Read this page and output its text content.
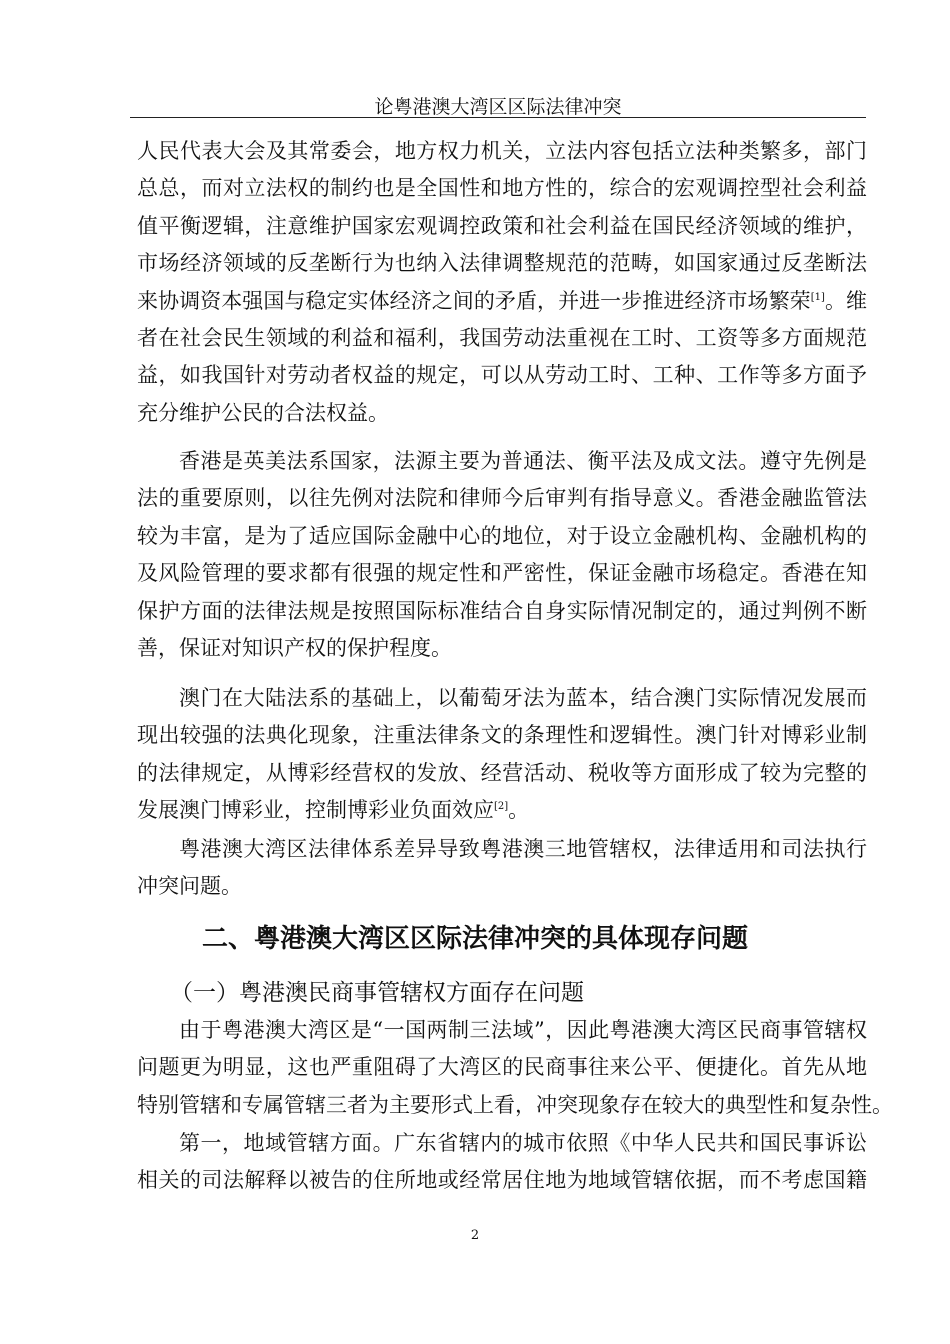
论粤港澳大湾区区际法律冲突
人民代表大会及其常委会，地方权力机关，立法内容包括立法种类繁多，部门
总总，而对立法权的制约也是全国性和地方性的，综合的宏观调控型社会利益
值平衡逻辑，注意维护国家宏观调控政策和社会利益在国民经济领域的维护，
市场经济领域的反垄断行为也纳入法律调整规范的范畴，如国家通过反垄断法
来协调资本强国与稳定实体经济之间的矛盾，并进一步推进经济市场繁荣[1]。维
者在社会民生领域的利益和福利，我国劳动法重视在工时、工资等多方面规范
益，如我国针对劳动者权益的规定，可以从劳动工时、工种、工作等多方面予
充分维护公民的合法权益。
香港是英美法系国家，法源主要为普通法、衡平法及成文法。遵守先例是
法的重要原则，以往先例对法院和律师今后审判有指导意义。香港金融监管法
较为丰富，是为了适应国际金融中心的地位，对于设立金融机构、金融机构的
及风险管理的要求都有很强的规定性和严密性，保证金融市场稳定。香港在知
保护方面的法律法规是按照国际标准结合自身实际情况制定的，通过判例不断
善，保证对知识产权的保护程度。
澳门在大陆法系的基础上，以葡萄牙法为蓝本，结合澳门实际情况发展而
现出较强的法典化现象，注重法律条文的条理性和逻辑性。澳门针对博彩业制
的法律规定，从博彩经营权的发放、经营活动、税收等方面形成了较为完整的
发展澳门博彩业，控制博彩业负面效应[2]。
粤港澳大湾区法律体系差异导致粤港澳三地管辖权，法律适用和司法执行
冲突问题。
二、粤港澳大湾区区际法律冲突的具体现存问题
（一）粤港澳民商事管辖权方面存在问题
由于粤港澳大湾区是“一国两制三法域”，因此粤港澳大湾区民商事管辖权
问题更为明显，这也严重阻碍了大湾区的民商事往来公平、便捷化。首先从地
特别管辖和专属管辖三者为主要形式上看，冲突现象存在较大的典型性和复杂性。
第一，地域管辖方面。广东省辖内的城市依照《中华人民共和国民事诉讼
相关的司法解释以被告的住所地或经常居住地为地域管辖依据，而不考虑国籍
2
